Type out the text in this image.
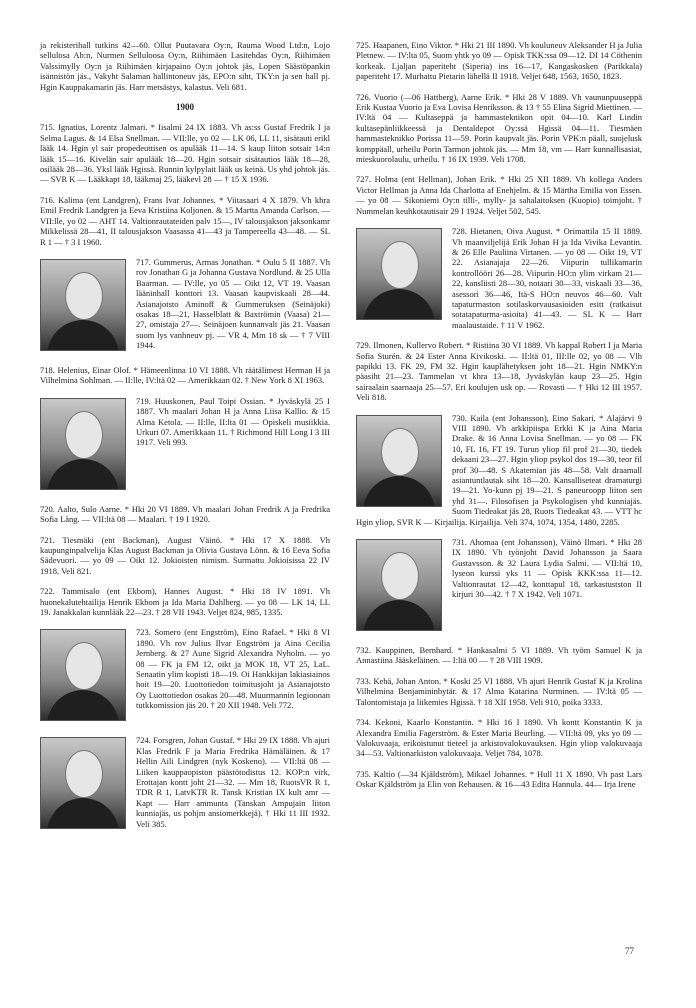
ja rekisterihall tutkins 42—60. Ollut Puutavara Oy:n, Rauma Wood Ltd:n, Lojo sellulosa Ab:n, Nurmen Selluloosa Oy:n, Riihimäen Lasitehdas Oy:n, Riihimäen Valssimylly Oy:n ja Riihimäen kirjapaino Oy:n johtok jäs, Lopen Säästöpankin isännistön jäs., Vakyht Salaman hallintoneuv jäs, EPO:n siht, TKY:n ja sen hall pj. Hgin Kauppakamarin jäs. Harr metsästys, kalastus. Veli 681.
1900
715. Ignatius, Lorentz Jalmari. * Iisalmi 24 IX 1883. Vh as:ss Gustaf Fredrik I ja Selma Lagus. & 14 Elsa Snellman. — VII:lle, yo 02 — LK 06, LL 11, sisätauti erikl lääk 14. Hgin yl sair propedeuttisen os apulääk 11—14. S kaup liiton sotsair 14:n lääk 15—16. Kivelän sair apulääk 18—20. Hgin sotsair sisätautios lääk 18—28, osilääk 28—36. Yksl lääk Hgissä. Runnin kylpylait lääk us keinä. Us yhd johtok jäs. — SVR K — Lääkkapt 18, lääkmaj 25, lääkevl 28 — † 15 X 1936.
716. Kalima (ent Landgren), Frans Ivar Johannes. * Viitasaari 4 X 1879. Vh khra Emil Fredrik Landgren ja Eeva Kristiina Koljonen. & 15 Martta Amanda Carlson. — VII:lle, yo 02 — AHT 14. Valtionrautateiden palv 15—, IV talousjakson jaksonkamr Mikkelissä 28—41, II talousjakson Vaasassa 41—43 ja Tampereella 43—48. — SL R 1 — † 3 I 1960.
717. Gummerus, Armas Jonathan. * Oulu 5 II 1887. Vh rov Jonathan G ja Johanna Gustava Nordlund. & 25 Ulla Baarman. — IV:lle, yo 05 — Oikt 12, VT 19. Vaasan lääninhall konttori 13. Vaasan kaupviskaali 28—44. Asianajotsto Aminoff & Gummeruksen (Seinäjoki) osakas 18—21, Hasselblatt & Baxtrömin (Vaasa) 21—27, omistaja 27—. Seinäjoen kunnanvalt jäs 21. Vaasan suom lys vanhneuv pj. — VR 4, Mm 18 sk — † 7 VIII 1944.
718. Helenius, Einar Olof. * Hämeenlinna 10 VI 1888. Vh räätälimest Herman H ja Vilhelmina Sohlman. — II:lle, IV:ltä 02 — Amerikkaan 02. † New York 8 XI 1963.
719. Huuskonen, Paul Toipi Ossian. * Jyväskylä 25 I 1887. Vh maalari Johan H ja Anna Liisa Kallio. & 15 Alma Ketola. — II:lle, II:lta 01 — Opiskeli musiikkia. Urkuri 07. Amerikkaan 11. † Richmond Hill Long I 3 III 1917. Veli 993.
720. Aalto, Sulo Aarne. * Hki 20 VI 1889. Vh maalari Johan Fredrik A ja Fredrika Sofia Lång. — VII:ltä 08 — Maalari. † 19 I 1920.
721. Tiesmäki (ent Backman), August Väinö. * Hki 17 X 1888. Vh kaupunginpalvelija Klas August Backman ja Olivia Gustava Lönn. & 16 Eeva Sofia Sädevuori. — yo 09 — Oikt 12. Jokioisten nimism. Surmattu Jokioisissa 22 IV 1918. Veli 821.
722. Tammisalo (ent Ekbom), Hannes August. * Hki 18 IV 1891. Vh huonekalutehtailija Henrik Ekbom ja Ida Maria Dahlberg. — yo 08 — LK 14, LL 19. Janakkalan kunnlääk 22—23. † 28 VII 1943. Veljet 824, 985, 1335.
723. Somero (ent Engström), Eino Rafael. * Hki 8 VI 1890. Vh rov Julius Ilvar Engström ja Aina Cecilia Jernberg. & 27 Aune Sigrid Alexandra Nyholm. — yo 08 — FK ja FM 12, oikt ja MOK 18, VT 25, LaL. Senaatin ylim kopisti 18—19. Oi Hankkijan lakiasiainos hoit 19—20. Luottotiedon toimitusjoht ja Asianajotsto Oy Luottotiedon osakas 20—48. Muurmannin legioonan tutkkomission jäs 20. † 20 XII 1948. Veli 772.
724. Forsgren, Johan Gustaf. * Hki 29 IX 1888. Vh ajuri Klas Fredrik F ja Maria Fredrika Hämäläinen. & 17 Hellin Aili Lindgren (nyk Koskeno). — VII:ltä 08 — Liiken kauppaopiston päästötodistus 12. KOP:n virk, Erottajan kontt joht 21—32. — Mm 18, RuotsVR R 1, TDR R 1, LatvKTR R. Tansk Kristian IX kult amr — Kapt — Harr ammunta (Tanskan Ampujain liiton kunniajäs, us pohjm ansiomerkkejä). † Hki 11 III 1932. Veli 385.
725. Haapanen, Eino Viktor. * Hki 21 III 1890. Vh kouluneuv Aleksander H ja Julia Pletnew. — IV:lta 05, Suom yhtk yo 09 — Opisk TKK:ssa 09—12. DI 14 Cöthenin korkeak. Ljaljan paperiteht (Siperia) ins 16—17, Kangaskosken (Parikkala) paperiteht 17. Murhattu Pietarin lähellä II 1918. Veljet 648, 1563, 1650, 1823.
726. Vuorio (—06 Hattberg), Aarne Erik. * Hki 28 V 1889. Vh vaununpuuseppä Erik Kustaa Vuorio ja Eva Lovisa Henriksson. & 13 † 55 Elina Sigrid Miettinen. — IV:ltä 04 — Kultaseppä ja hammasteknikon opit 04—10. Karl Lindin kultasepänliikkeessä ja Dentaldepot Oy:ssä Hgissä 04—11. Tiesmäen hammasteknikko Porissa 11—59. Porin kaupvalt jäs. Porin VPK:n päall, suojelusk komppäall, urheilu Porin Tarmon johtok jäs. — Mm 18, vm — Harr kunnallisasiat, mieskuorolaulu, urheilu. † 16 IX 1939. Veli 1708.
727. Holma (ent Hellman), Johan Erik. * Hki 25 XII 1889. Vh kollega Anders Victor Hellman ja Anna Ida Charlotta af Enehjelm. & 15 Märtha Emilia von Essen. — yo 08 — Sikoniemi Oy:n tilli-, mylly- ja sahalaitoksen (Kuopio) toimjoht. † Nummelan keuhkotautisair 29 I 1924. Veljet 502, 545.
728. Hietanen, Oiva August. * Orimattila 15 II 1889. Vh maanviljelijä Erik Johan H ja Ida Vivika Levantin. & 26 Elle Pauliina Virtanen. — yo 08 — Oikt 19, VT 22. Asianajaja 22—26. Viipurin tullikamarin kontrollööri 26—28. Viipurin HO:n ylim virkam 21—22, kansliisti 28—30, notaari 30—33, viskaali 33—36, asessori 36—46, Itä-S HO:n neuvos 46—60. Valt tapaturmaston sotilaskorvausasioiden esitt (ratkaisut sotatapaturma-asioita) 41—43. — SL K — Harr maalaustaide. † 11 V 1962.
729. Ilmonen, Kullervo Robert. * Ristiina 30 VI 1889. Vh kappal Robert I ja Maria Sofia Sturén. & 24 Ester Anna Kivikoski. — II:ltä 01, III:lle 02, yo 08 — Vlh papikki 13. FK 29, FM 32. Hgin kauplähetyksen joht 18—21. Hgin NMKY:n päasiht 21—23. Tammelan vt khra 13—18, Jyväskylän kaup 23—25. Hgin sairaalain saarnaaja 25—57. Eri koulujen usk op. — Rovasti — † Hki 12 III 1957. Veli 818.
730. Kaila (ent Johansson), Eino Sakari. * Alajärvi 9 VIII 1890. Vh arkkipiispa Erkki K ja Aina Maria Drake. & 16 Anna Lovisa Snellman. — yo 08 — FK 10, FL 16, FT 19. Turun yliop fil prof 21—30, tiedek dekaani 23—27. Hgin yliop psykol dos 19—30, teor fil prof 30—48. S Akatemian jäs 48—58. Valt draamall asiantuntlautak siht 18—20. Kansalliseteat dramaturgi 19—21. Yo-kunn pj 19—21. S paneuroopp liiton sen yhd 31—. Filosofisen ja Psykologisen yhd kunniajäs. Suom Tiedeakat jäs 28, Ruots Tiedeakat 43. — VTT hc Hgin yliop, SVR K — Kirjailija. Kirjailija. Veli 374, 1074, 1354, 1480, 2285.
731. Ahomaa (ent Johansson), Väinö Ilmari. * Hki 28 IX 1890. Vh työnjoht David Johansson ja Saara Gustavsson. & 32 Laura Lydia Salmi. — VII:ltä 10, lyseon kurssi yks 11 — Opisk KKK:ssa 11—12. Valtionrautat 12—42, konttapul 18, tarkastustston II kirjuri 30—42. † 7 X 1942. Veli 1071.
732. Kauppinen, Bernhard. * Hankasalmi 5 VI 1889. Vh työm Samuel K ja Annastiina Jääskeläinen. — I:ltä 00 — † 28 VIII 1909.
733. Kehä, Johan Anton. * Koski 25 VI 1888. Vh ajuri Henrik Gustaf K ja Krolina Vilhelmina Benjamininhytär. & 17 Alma Katarina Nurminen. — IV:ltä 05 — Talontomistaja ja liikemies Hgissä. † 18 XII 1958. Veli 910, poika 3333.
734. Kekoni, Kaarlo Konstantin. * Hki 16 I 1890. Vh kontt Konstantin K ja Alexandra Emilia Fagerström. & Ester Maria Beurling. — VII:ltä 09, yks yo 09 — Valokuvaaja, erikoistunut tieteel ja arkistovalokuvauksen. Hgin yliop valokuvaaja 34—53. Valtionarkiston valokuvaaja. Veljet 784, 1078.
735. Kaltio (—34 Kjäldström), Mikael Johannes. * Hull 11 X 1890. Vh past Lars Oskar Kjäldström ja Elin von Rehausen. & 16—43 Edita Hannula. 44— Irja Irene
77
